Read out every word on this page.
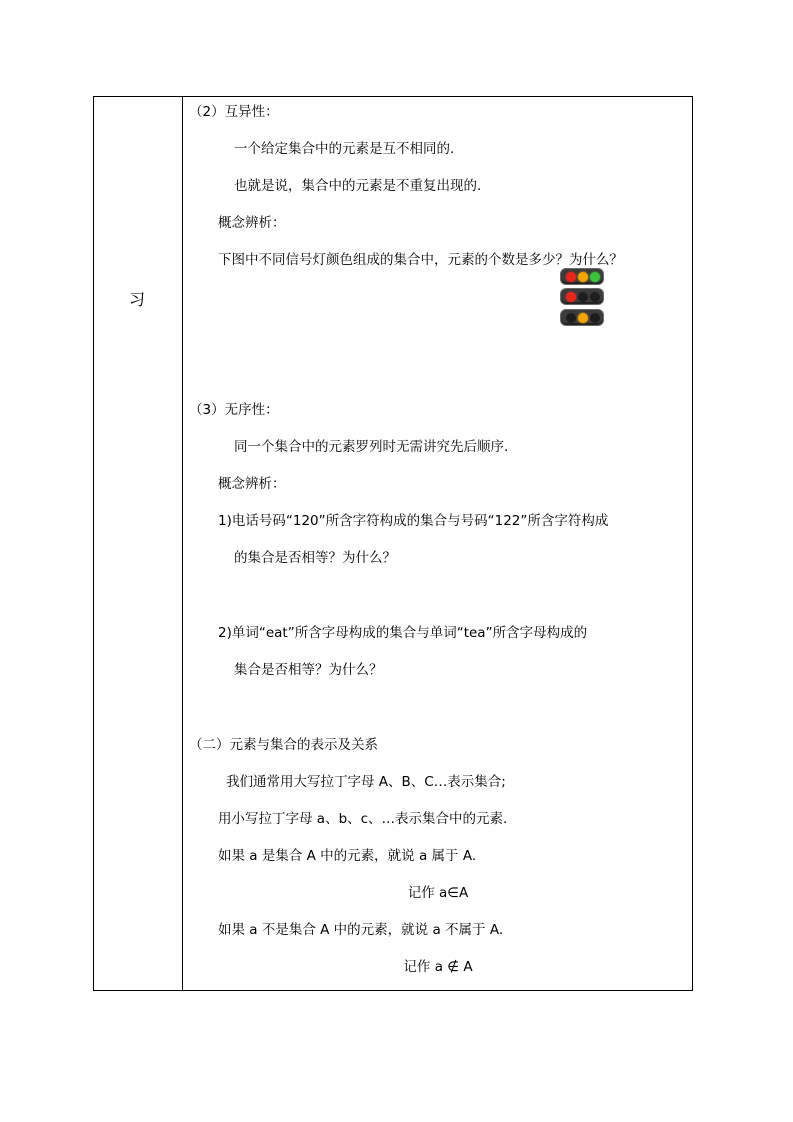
习
（2）互异性：
一个给定集合中的元素是互不相同的.
也就是说，集合中的元素是不重复出现的.
概念辨析：
下图中不同信号灯颜色组成的集合中，元素的个数是多少？为什么？
（3）无序性：
同一个集合中的元素罗列时无需讲究先后顺序.
概念辨析：
1)电话号码“120”所含字符构成的集合与号码“122”所含字符构成
的集合是否相等？为什么？
2)单词“eat”所含字母构成的集合与单词“tea”所含字母构成的
集合是否相等？为什么？
（二）元素与集合的表示及关系
我们通常用大写拉丁字母 A、B、C…表示集合;
用小写拉丁字母 a、b、c、…表示集合中的元素.
如果 a 是集合 A 中的元素，就说 a 属于 A.
记作 a∈A
如果 a 不是集合 A 中的元素，就说 a 不属于 A.
记作 a ∉ A
